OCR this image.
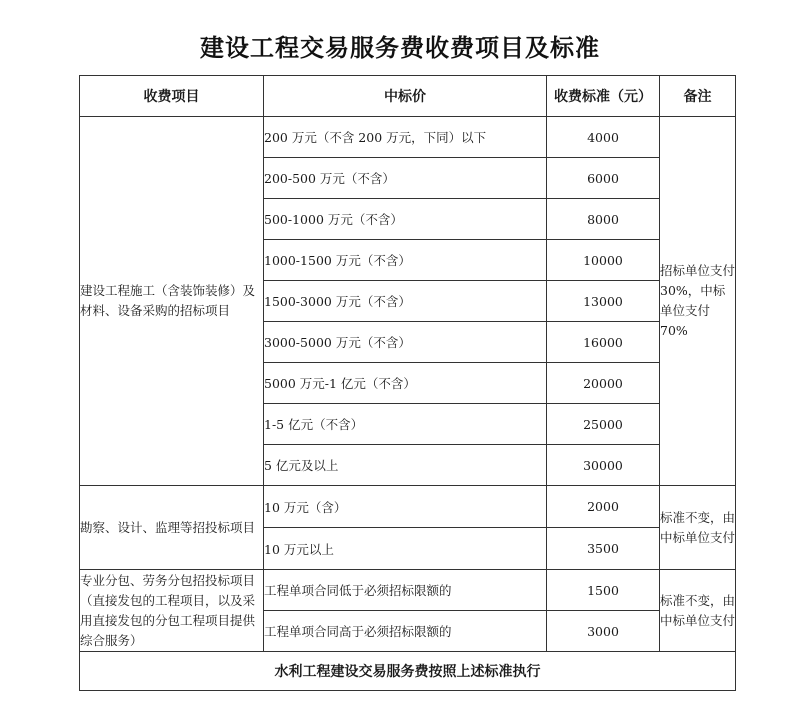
建设工程交易服务费收费项目及标准
收费项目	中标价	收费标准（元）	备注
建设工程施工（含装饰装修）及材料、设备采购的招标项目	200 万元（不含 200 万元，下同）以下	4000	招标单位支付30%，中标单位支付 70%
	200-500 万元（不含）	6000	
	500-1000 万元（不含）	8000	
	1000-1500 万元（不含）	10000	
	1500-3000 万元（不含）	13000	
	3000-5000 万元（不含）	16000	
	5000 万元-1 亿元（不含）	20000	
	1-5 亿元（不含）	25000	
	5 亿元及以上	30000	
勘察、设计、监理等招投标项目	10 万元（含）	2000	标准不变，由中标单位支付
	10 万元以上	3500	
专业分包、劳务分包招投标项目（直接发包的工程项目，以及采用直接发包的分包工程项目提供综合服务）	工程单项合同低于必须招标限额的	1500	标准不变，由中标单位支付
	工程单项合同高于必须招标限额的	3000	
水利工程建设交易服务费按照上述标准执行			
